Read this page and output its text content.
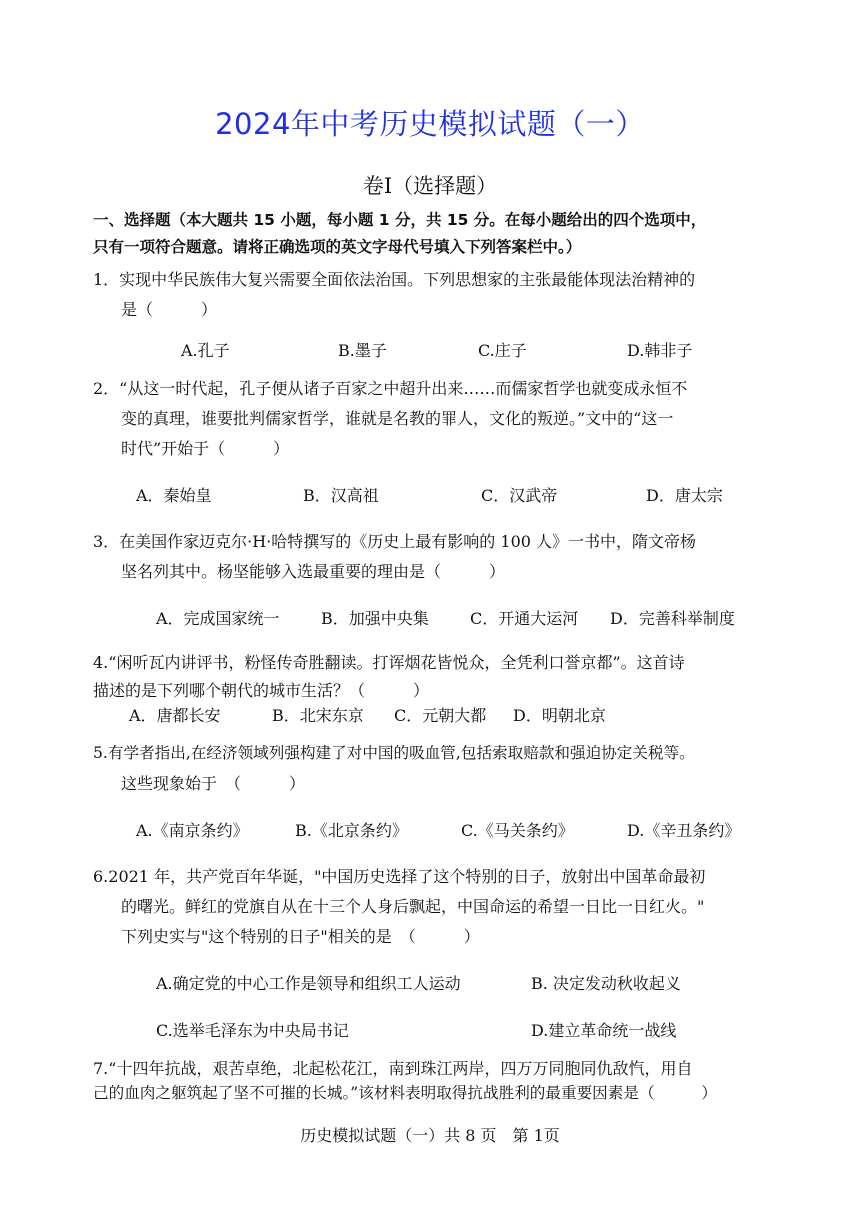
2024年中考历史模拟试题（一）
卷Ⅰ（选择题）
一、选择题（本大题共 15 小题，每小题 1 分，共 15 分。在每小题给出的四个选项中，
只有一项符合题意。请将正确选项的英文字母代号填入下列答案栏中。）
1．实现中华民族伟大复兴需要全面依法治国。下列思想家的主张最能体现法治精神的
是（　　　）
A.孔子	B.墨子	C.庄子	D.韩非子
2．“从这一时代起，孔子便从诸子百家之中超升出来……而儒家哲学也就变成永恒不
变的真理，谁要批判儒家哲学，谁就是名教的罪人，文化的叛逆。”文中的“这一
时代”开始于（　　　）
A．秦始皇	B．汉高祖	C．汉武帝	D．唐太宗
3．在美国作家迈克尔·H·哈特撰写的《历史上最有影响的 100 人》一书中，隋文帝杨
坚名列其中。杨坚能够入选最重要的理由是（　　　）
A．完成国家统一	B．加强中央集	C．开通大运河 D．完善科举制度
4.“闲听瓦内讲评书，粉怪传奇胜翻读。打诨烟花皆悦众，全凭利口誉京都”。这首诗
描述的是下列哪个朝代的城市生活？（　　　）
A．唐都长安	B．北宋东京 C．元朝大都 D．明朝北京
5.有学者指出,在经济领域列强构建了对中国的吸血管,包括索取赔款和强迫协定关税等。
这些现象始于　（　　　）
A.《南京条约》	B.《北京条约》	C.《马关条约》	D.《辛丑条约》
6.2021 年，共产党百年华诞，"中国历史选择了这个特别的日子，放射出中国革命最初
的曙光。鲜红的党旗自从在十三个人身后飘起，中国命运的希望一日比一日红火。"
下列史实与"这个特别的日子"相关的是　（　　　）
A.确定党的中心工作是领导和组织工人运动	B. 决定发动秋收起义
C.选举毛泽东为中央局书记	D.建立革命统一战线
7.“十四年抗战，艰苦卓绝，北起松花江，南到珠江两岸，四万万同胞同仇敌忾，用自
己的血肉之躯筑起了坚不可摧的长城。”该材料表明取得抗战胜利的最重要因素是（　　　）
历史模拟试题（一）共 8 页　第 1页
